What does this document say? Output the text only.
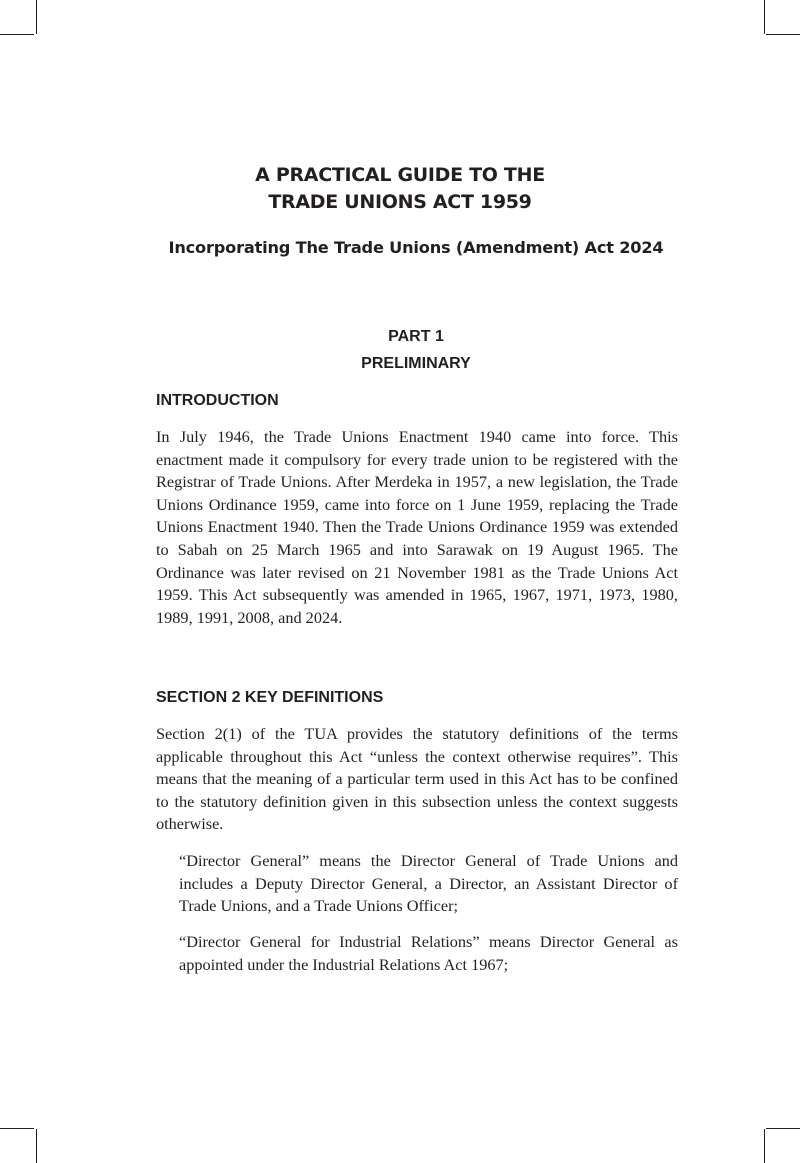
A PRACTICAL GUIDE TO THE
TRADE UNIONS ACT 1959
Incorporating The Trade Unions (Amendment) Act 2024
PART 1
PRELIMINARY
INTRODUCTION

In July 1946, the Trade Unions Enactment 1940 came into force. This enactment made it compulsory for every trade union to be registered with the Registrar of Trade Unions. After Merdeka in 1957, a new legislation, the Trade Unions Ordinance 1959, came into force on 1 June 1959, replacing the Trade Unions Enactment 1940. Then the Trade Unions Ordinance 1959 was extended to Sabah on 25 March 1965 and into Sarawak on 19 August 1965. The Ordinance was later revised on 21 November 1981 as the Trade Unions Act 1959. This Act subsequently was amended in 1965, 1967, 1971, 1973, 1980, 1989, 1991, 2008, and 2024.

SECTION 2 KEY DEFINITIONS

Section 2(1) of the TUA provides the statutory definitions of the terms applicable throughout this Act “unless the context otherwise requires”. This means that the meaning of a particular term used in this Act has to be confined to the statutory definition given in this subsection unless the context suggests otherwise.

“Director General” means the Director General of Trade Unions and includes a Deputy Director General, a Director, an Assistant Director of Trade Unions, and a Trade Unions Officer;

“Director General for Industrial Relations” means Director General as appointed under the Industrial Relations Act 1967;
